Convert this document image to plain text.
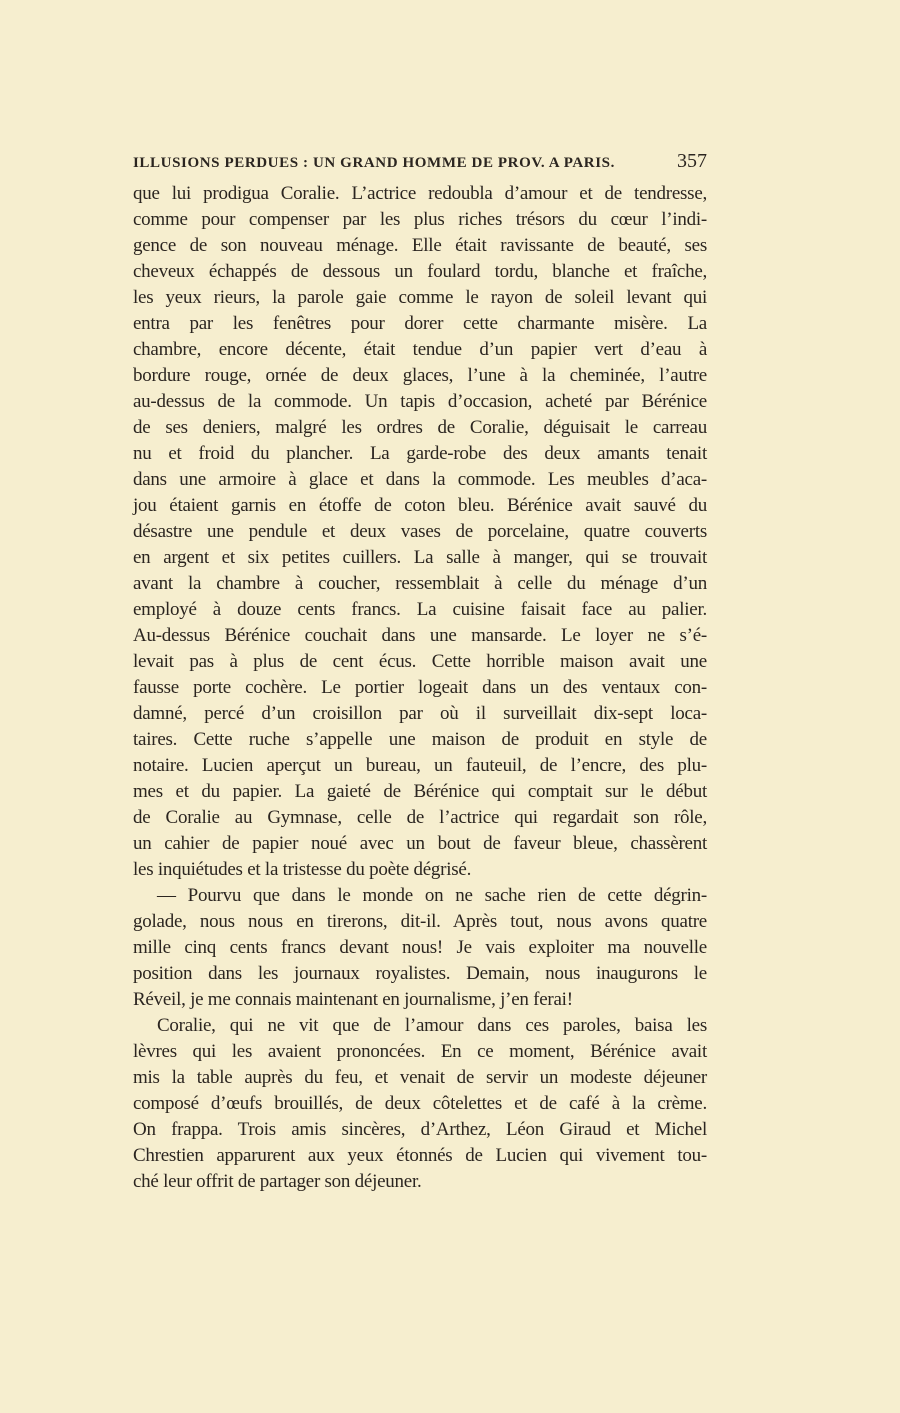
ILLUSIONS PERDUES : UN GRAND HOMME DE PROV. A PARIS.	357
que lui prodigua Coralie. L’actrice redoubla d’amour et de tendresse,
comme pour compenser par les plus riches trésors du cœur l’indi-
gence de son nouveau ménage. Elle était ravissante de beauté, ses
cheveux échappés de dessous un foulard tordu, blanche et fraîche,
les yeux rieurs, la parole gaie comme le rayon de soleil levant qui
entra par les fenêtres pour dorer cette charmante misère. La
chambre, encore décente, était tendue d’un papier vert d’eau à
bordure rouge, ornée de deux glaces, l’une à la cheminée, l’autre
au-dessus de la commode. Un tapis d’occasion, acheté par Bérénice
de ses deniers, malgré les ordres de Coralie, déguisait le carreau
nu et froid du plancher. La garde-robe des deux amants tenait
dans une armoire à glace et dans la commode. Les meubles d’aca-
jou étaient garnis en étoffe de coton bleu. Bérénice avait sauvé du
désastre une pendule et deux vases de porcelaine, quatre couverts
en argent et six petites cuillers. La salle à manger, qui se trouvait
avant la chambre à coucher, ressemblait à celle du ménage d’un
employé à douze cents francs. La cuisine faisait face au palier.
Au-dessus Bérénice couchait dans une mansarde. Le loyer ne s’é-
levait pas à plus de cent écus. Cette horrible maison avait une
fausse porte cochère. Le portier logeait dans un des ventaux con-
damné, percé d’un croisillon par où il surveillait dix-sept loca-
taires. Cette ruche s’appelle une maison de produit en style de
notaire. Lucien aperçut un bureau, un fauteuil, de l’encre, des plu-
mes et du papier. La gaieté de Bérénice qui comptait sur le début
de Coralie au Gymnase, celle de l’actrice qui regardait son rôle,
un cahier de papier noué avec un bout de faveur bleue, chassèrent
les inquiétudes et la tristesse du poète dégrisé.
— Pourvu que dans le monde on ne sache rien de cette dégrin-
golade, nous nous en tirerons, dit-il. Après tout, nous avons quatre
mille cinq cents francs devant nous! Je vais exploiter ma nouvelle
position dans les journaux royalistes. Demain, nous inaugurons le
Réveil, je me connais maintenant en journalisme, j’en ferai!
Coralie, qui ne vit que de l’amour dans ces paroles, baisa les
lèvres qui les avaient prononcées. En ce moment, Bérénice avait
mis la table auprès du feu, et venait de servir un modeste déjeuner
composé d’œufs brouillés, de deux côtelettes et de café à la crème.
On frappa. Trois amis sincères, d’Arthez, Léon Giraud et Michel
Chrestien apparurent aux yeux étonnés de Lucien qui vivement tou-
ché leur offrit de partager son déjeuner.
